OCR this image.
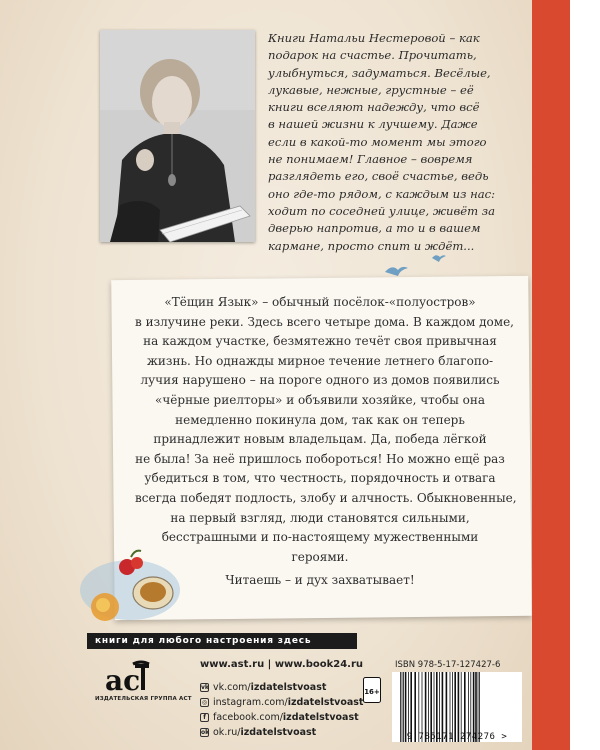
Книги Натальи Нестеровой – как
подарок на счастье. Прочитать,
улыбнуться, задуматься. Весёлые,
лукавые, нежные, грустные – её
книги вселяют надежду, что всё
в нашей жизни к лучшему. Даже
если в какой-то момент мы этого
не понимаем! Главное – вовремя
разглядеть его, своё счастье, ведь
оно где-то рядом, с каждым из нас:
ходит по соседней улице, живёт за
дверью напротив, а то и в вашем
кармане, просто спит и ждёт...

«Тёщин Язык» – обычный посёлок-«полуостров»
в излучине реки. Здесь всего четыре дома. В каждом доме,
на каждом участке, безмятежно течёт своя привычная
жизнь. Но однажды мирное течение летнего благопо-
лучия нарушено – на пороге одного из домов появились
«чёрные риелторы» и объявили хозяйке, чтобы она
немедленно покинула дом, так как он теперь
принадлежит новым владельцам. Да, победа лёгкой
не была! За неё пришлось побороться! Но можно ещё раз
убедиться в том, что честность, порядочность и отвага
всегда победят подлость, злобу и алчность. Обыкновенные,
на первый взгляд, люди становятся сильными,
бесстрашными и по-настоящему мужественными
героями.

Читаешь – и дух захватывает!

книги для любого настроения здесь
ac
ИЗДАТЕЛЬСКАЯ ГРУППА АСТ
www.ast.ru | www.book24.ru
vk vk.com/ izdatelstvoast
◎ instagram.com/ izdatelstvoast
f facebook.com/ izdatelstvoast
ok ok.ru/ izdatelstvoast
16+
ISBN 978-5-17-127427-6
9 785171 274276 >
